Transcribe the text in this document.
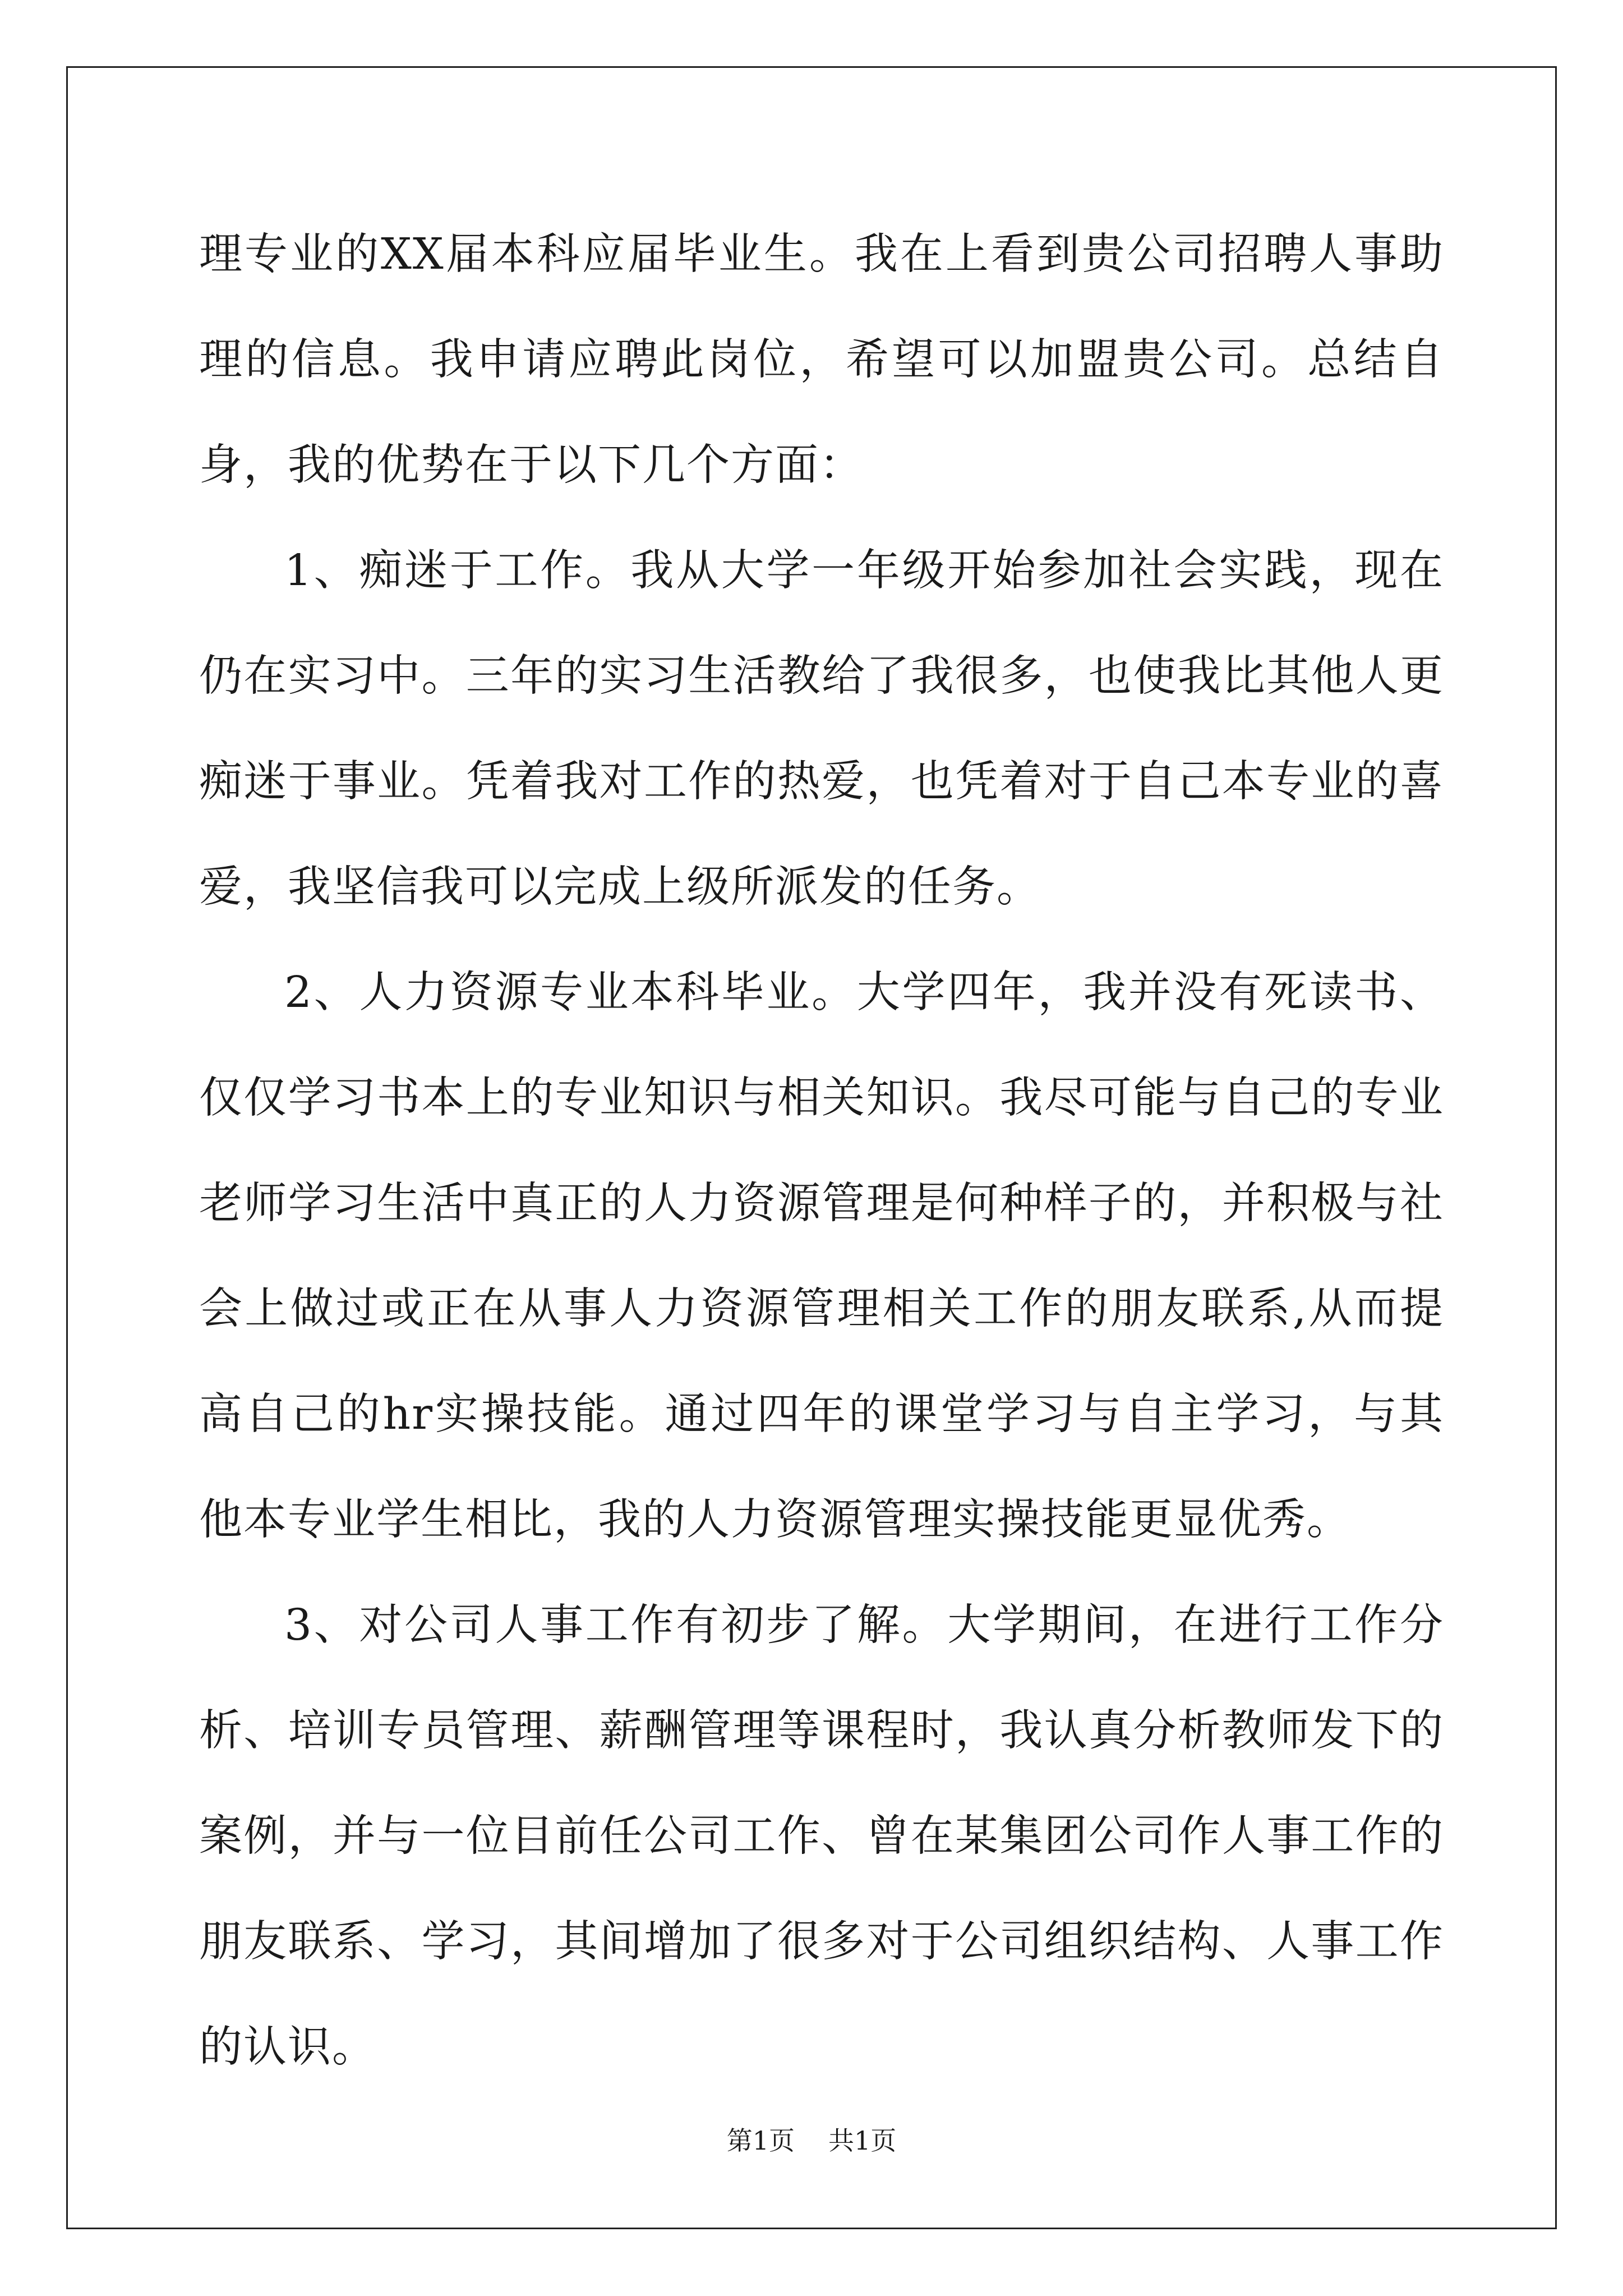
理专业的XX届本科应届毕业生。我在上看到贵公司招聘人事助理的信息。我申请应聘此岗位，希望可以加盟贵公司。总结自身，我的优势在于以下几个方面：

1、痴迷于工作。我从大学一年级开始参加社会实践，现在仍在实习中。三年的实习生活教给了我很多，也使我比其他人更痴迷于事业。凭着我对工作的热爱，也凭着对于自己本专业的喜爱，我坚信我可以完成上级所派发的任务。

2、人力资源专业本科毕业。大学四年，我并没有死读书、仅仅学习书本上的专业知识与相关知识。我尽可能与自己的专业老师学习生活中真正的人力资源管理是何种样子的，并积极与社会上做过或正在从事人力资源管理相关工作的朋友联系,从而提高自己的hr实操技能。通过四年的课堂学习与自主学习，与其他本专业学生相比，我的人力资源管理实操技能更显优秀。

3、对公司人事工作有初步了解。大学期间，在进行工作分析、培训专员管理、薪酬管理等课程时，我认真分析教师发下的案例，并与一位目前任公司工作、曾在某集团公司作人事工作的朋友联系、学习，其间增加了很多对于公司组织结构、人事工作的认识。

第1页 共1页
